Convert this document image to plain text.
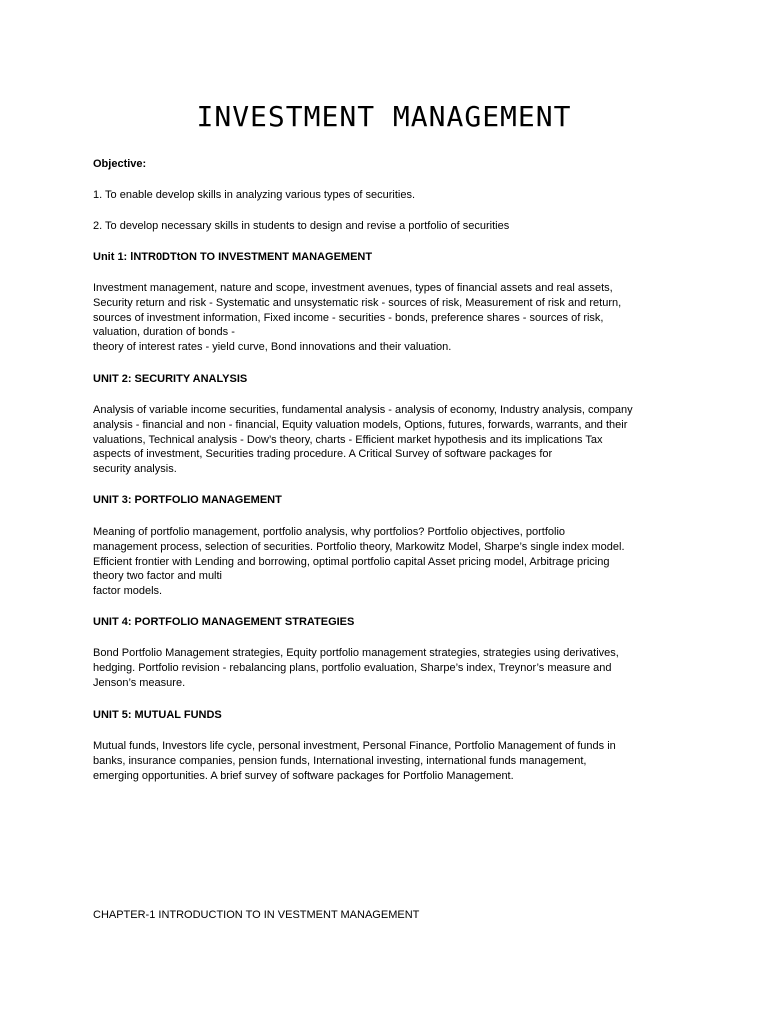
INVESTMENT MANAGEMENT

Objective:

1. To enable develop skills in analyzing various types of securities.

2. To develop necessary skills in students to design and revise a portfolio of securities

Unit 1: lNTR0DTtON TO INVESTMENT MANAGEMENT

Investment management, nature and scope, investment avenues, types of financial assets and real assets,
Security return and risk - Systematic and unsystematic risk - sources of risk, Measurement of risk and return,
sources of investment information, Fixed income - securities - bonds, preference shares - sources of risk,
valuation, duration of bonds -
theory of interest rates - yield curve, Bond innovations and their valuation.

UNIT 2: SECURITY ANALYSIS

Analysis of variable income securities, fundamental analysis - analysis of economy, Industry analysis, company
analysis - financial and non - financial, Equity valuation models, Options, futures, forwards, warrants, and their
valuations, Technical analysis - Dow’s theory, charts - Efficient market hypothesis and its implications Tax
aspects of investment, Securities trading procedure. A Critical Survey of software packages for
security analysis.

UNIT 3: PORTFOLIO MANAGEMENT

Meaning of portfolio management, portfolio analysis, why portfolios? Portfolio objectives, portfolio
management process, selection of securities. Portfolio theory, Markowitz Model, Sharpe’s single index model.
Efficient frontier with Lending and borrowing, optimal portfolio capital Asset pricing model, Arbitrage pricing
theory two factor and multi
factor models.

UNIT 4: PORTFOLIO MANAGEMENT STRATEGIES

Bond Portfolio Management strategies, Equity portfolio management strategies, strategies using derivatives,
hedging. Portfolio revision - rebalancing plans, portfolio evaluation, Sharpe’s index, Treynor’s measure and
Jenson’s measure.

UNIT 5: MUTUAL FUNDS

Mutual funds, Investors life cycle, personal investment, Personal Finance, Portfolio Management of funds in
banks, insurance companies, pension funds, International investing, international funds management,
emerging opportunities. A brief survey of software packages for Portfolio Management.

CHAPTER-1 INTRODUCTION TO IN VESTMENT MANAGEMENT
